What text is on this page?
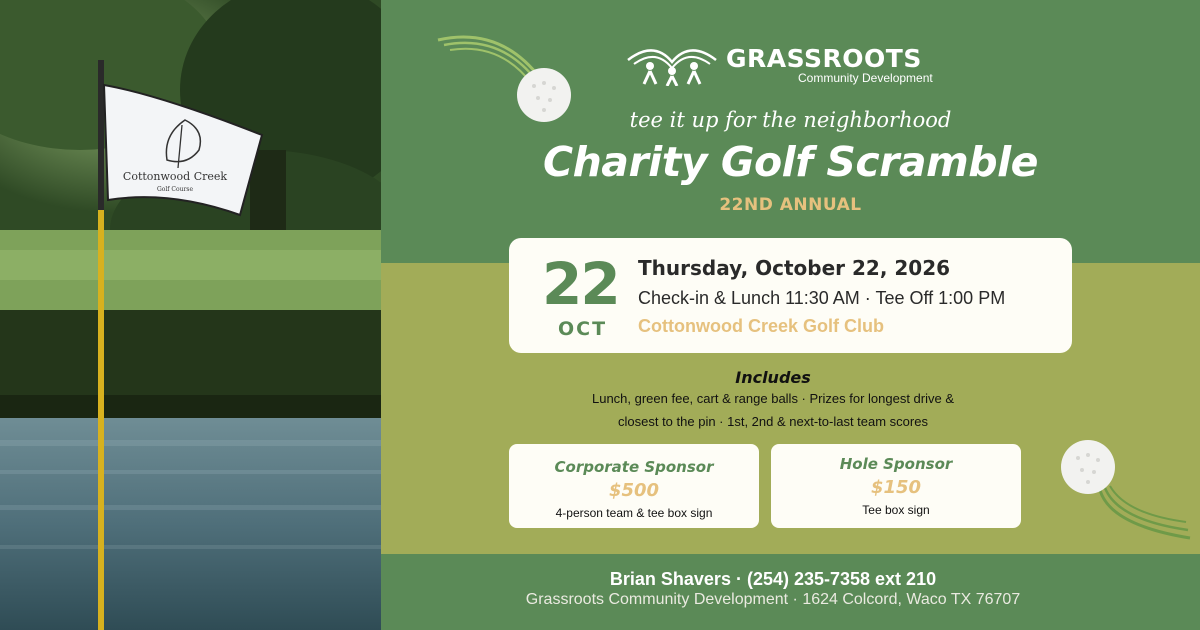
Cottonwood Creek
Golf Course
GRASSROOTS
Community Development
tee it up for the neighborhood
Charity Golf Scramble
22ND ANNUAL
22
OCT
Thursday, October 22, 2026
Check-in & Lunch 11:30 AM · Tee Off 1:00 PM
Cottonwood Creek Golf Club
Includes
Lunch, green fee, cart & range balls · Prizes for longest drive &
closest to the pin · 1st, 2nd & next-to-last team scores
Corporate Sponsor
$500
4-person team & tee box sign
Hole Sponsor
$150
Tee box sign
Brian Shavers · (254) 235-7358 ext 210
Grassroots Community Development · 1624 Colcord, Waco TX 76707
